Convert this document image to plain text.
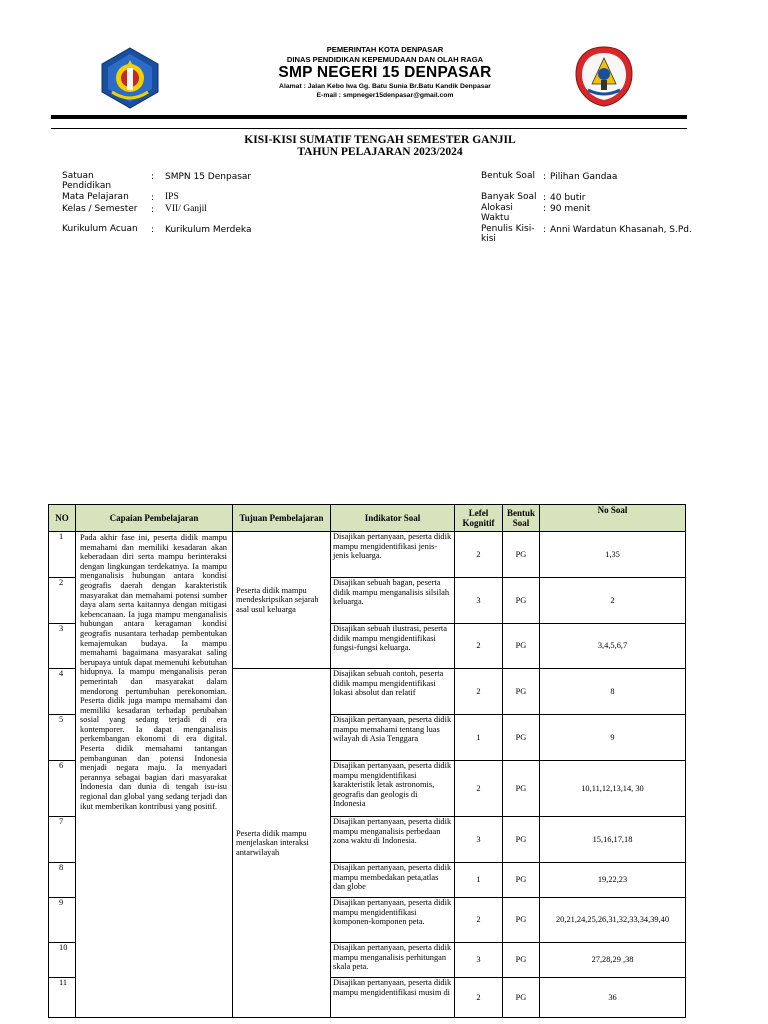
PEMERINTAH KOTA DENPASAR
DINAS PENDIDIKAN KEPEMUDAAN DAN OLAH RAGA
SMP NEGERI 15 DENPASAR
Alamat : Jalan Kebo Iwa Gg. Batu Sunia Br.Batu Kandik Denpasar
E-mail : smpneger15denpasar@gmail.com
KISI-KISI SUMATIF TENGAH SEMESTER GANJIL
TAHUN PELAJARAN 2023/2024
Satuan Pendidikan
: SMPN 15 Denpasar
Mata Pelajaran	: IPS
Kelas / Semester	: VII/ Ganjil
Kurikulum Acuan	: Kurikulum Merdeka
Bentuk Soal : Pilihan Gandaa
Banyak Soal : 40 butir
Alokasi Waktu
: 90 menit
Penulis Kisi-kisi
: Anni Wardatun Khasanah, S.Pd.
NO	Capaian Pembelajaran	Tujuan Pembelajaran	Indikator Soal	Lefel Kognitif	Bentuk Soal	No Soal
1	Pada akhir fase ini, peserta didik mampu memahami dan memiliki kesadaran akan keberadaan diri serta mampu berinteraksi dengan lingkungan terdekatnya. Ia mampu menganalisis hubungan antara kondisi geografis daerah dengan karakteristik masyarakat dan memahami potensi sumber daya alam serta kaitannya dengan mitigasi kebencanaan. Ia juga mampu menganalisis hubungan antara keragaman kondisi geografis nusantara terhadap pembentukan kemajemukan budaya. Ia mampu memahami bagaimana masyarakat saling berupaya untuk dapat memenuhi kebutuhan hidupnya. Ia mampu menganalisis peran pemerintah dan masyarakat dalam mendorong pertumbuhan perekonomian. Peserta didik juga mampu memahami dan memiliki kesadaran terhadap perubahan sosial yang sedang terjadi di era kontemporer. Ia dapat menganalisis perkembangan ekonomi di era digital. Peserta didik memahami tantangan pembangunan dan potensi Indonesia menjadi negara maju. Ia menyadari perannya sebagai bagian dari masyarakat Indonesia dan dunia di tengah isu-isu regional dan global yang sedang terjadi dan ikut memberikan kontribusi yang positif.	Peserta didik mampu mendeskripsikan sejarah asal usul keluarga	Disajikan pertanyaan, peserta didik mampu mengidentifikasi jenis-jenis keluarga.	2	PG	1,35
2			Disajikan sebuah bagan, peserta didik mampu menganalisis silsilah keluarga.	3	PG	2
3			Disajikan sebuah ilustrasi, peserta didik mampu mengidentifikasi fungsi-fungsi keluarga.	2	PG	3,4,5,6,7
4		Peserta didik mampu menjelaskan interaksi antarwilayah	Disajikan sebuah contoh, peserta didik mampu mengidentifikasi lokasi absolut dan relatif	2	PG	8
5			Disajikan pertanyaan, peserta didik mampu memahami tentang luas wilayah di Asia Tenggara	1	PG	9
6			Disajikan pertanyaan, peserta didik mampu mengidentifikasi karakteristik letak astronomis, geografis dan geologis di Indonesia	2	PG	10,11,12,13,14, 30
7			Disajikan pertanyaan, peserta didik mampu menganalisis perbedaan zona waktu di Indonesia.	3	PG	15,16,17,18
8			Disajikan pertanyaan, peserta didik mampu membedakan peta,atlas dan globe	1	PG	19,22,23
9			Disajikan pertanyaan, peserta didik mampu mengidentifikasi komponen-komponen peta.	2	PG	20,21,24,25,26,31,32,33,34,39,40
10			Disajikan pertanyaan, peserta didik mampu menganalisis perhitungan skala peta.	3	PG	27,28,29 ,38
11			Disajikan pertanyaan, peserta didik mampu mengidentifikasi musim di	2	PG	36
